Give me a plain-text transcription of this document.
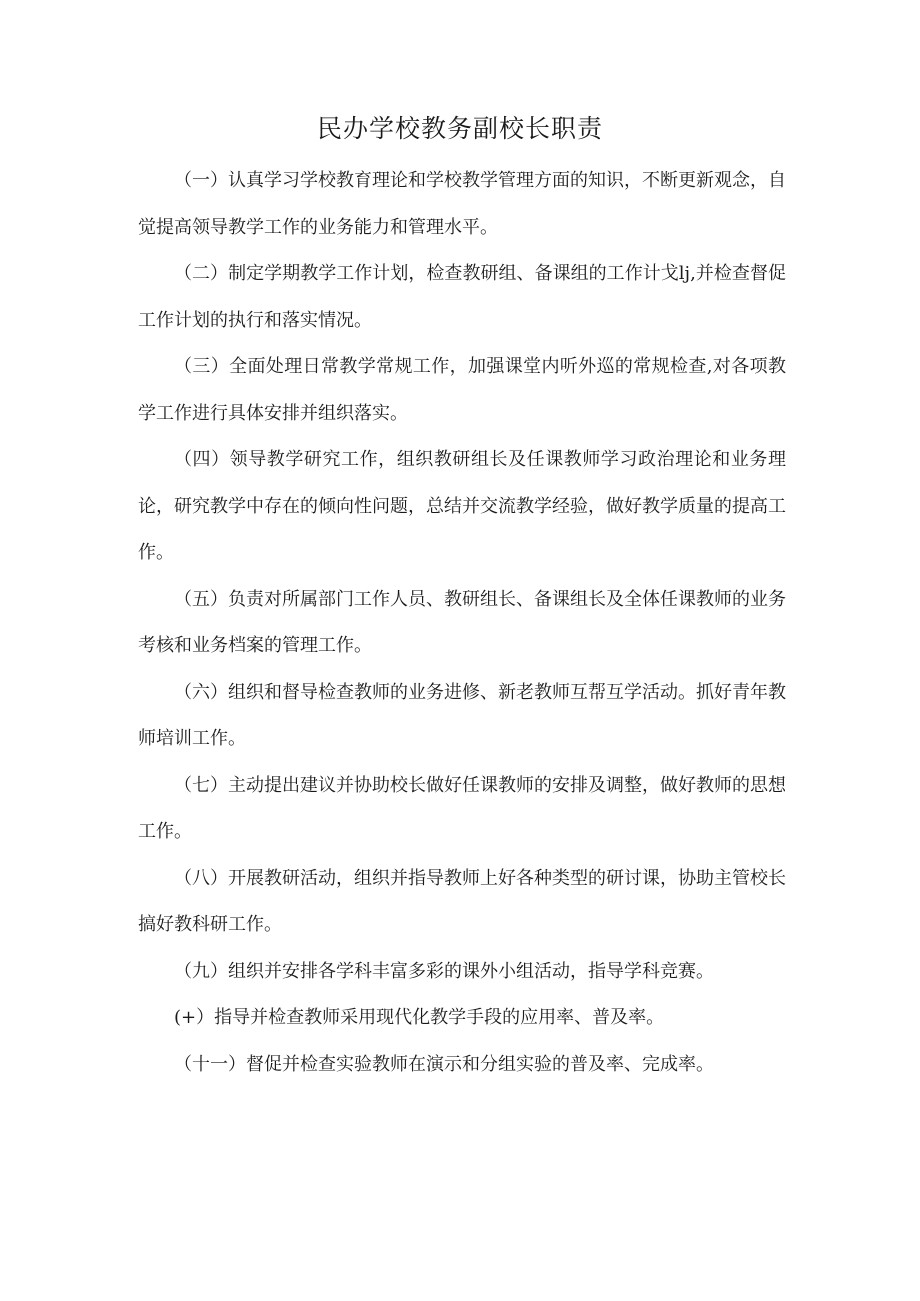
民办学校教务副校长职责

（一）认真学习学校教育理论和学校教学管理方面的知识，不断更新观念，自觉提高领导教学工作的业务能力和管理水平。

（二）制定学期教学工作计划，检查教研组、备课组的工作计戈lj,并检查督促工作计划的执行和落实情况。

（三）全面处理日常教学常规工作，加强课堂内听外巡的常规检查,对各项教学工作进行具体安排并组织落实。

（四）领导教学研究工作，组织教研组长及任课教师学习政治理论和业务理论，研究教学中存在的倾向性问题，总结并交流教学经验，做好教学质量的提高工作。

（五）负责对所属部门工作人员、教研组长、备课组长及全体任课教师的业务考核和业务档案的管理工作。

（六）组织和督导检查教师的业务进修、新老教师互帮互学活动。抓好青年教师培训工作。

（七）主动提出建议并协助校长做好任课教师的安排及调整，做好教师的思想工作。

（八）开展教研活动，组织并指导教师上好各种类型的研讨课，协助主管校长搞好教科研工作。

（九）组织并安排各学科丰富多彩的课外小组活动，指导学科竞赛。

(+）指导并检查教师采用现代化教学手段的应用率、普及率。

（十一）督促并检查实验教师在演示和分组实验的普及率、完成率。
